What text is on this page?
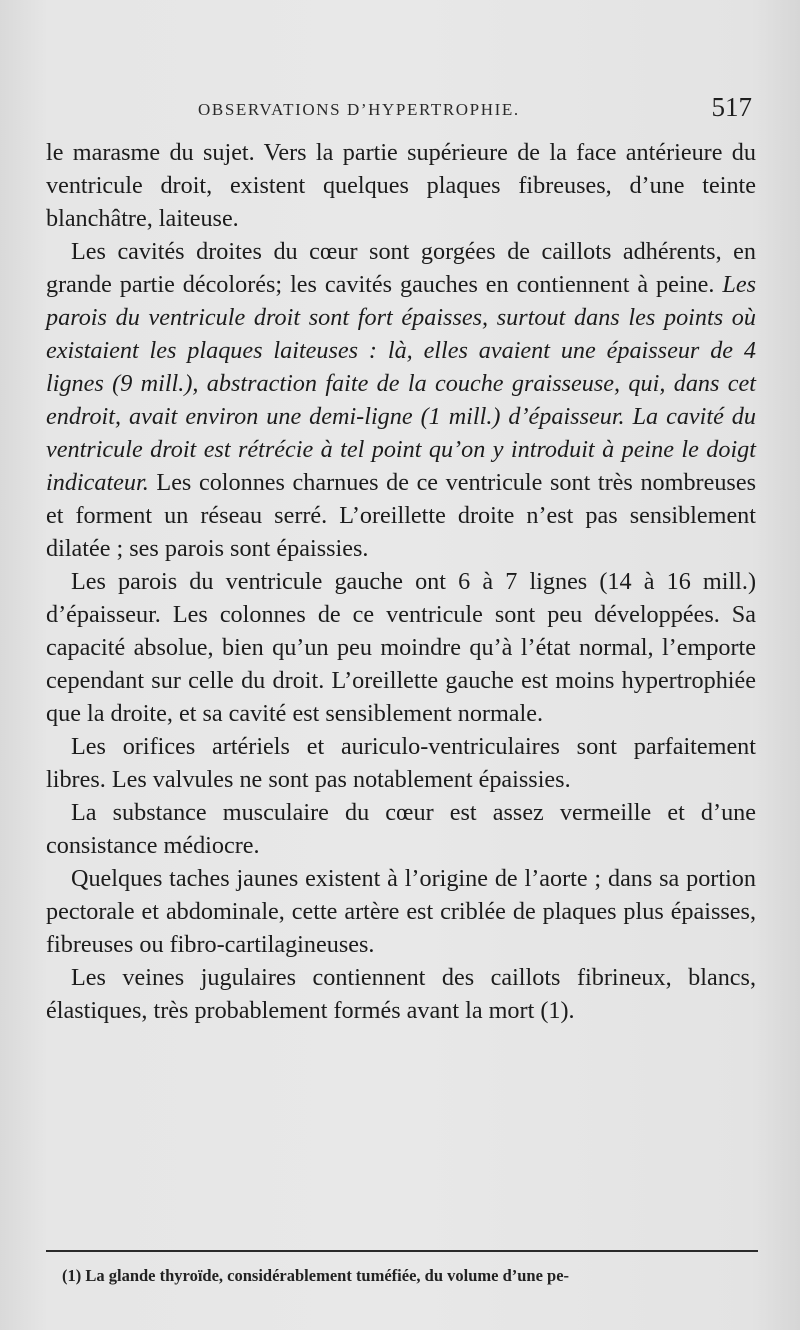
OBSERVATIONS D’HYPERTROPHIE.	517

le marasme du sujet. Vers la partie supérieure de la face antérieure du ventricule droit, existent quelques plaques fibreuses, d’une teinte blanchâtre, laiteuse.

Les cavités droites du cœur sont gorgées de caillots adhérents, en grande partie décolorés; les cavités gauches en contiennent à peine. Les parois du ventricule droit sont fort épaisses, surtout dans les points où existaient les plaques laiteuses : là, elles avaient une épaisseur de 4 lignes (9 mill.), abstraction faite de la couche graisseuse, qui, dans cet endroit, avait environ une demi-ligne (1 mill.) d’épaisseur. La cavité du ventricule droit est rétrécie à tel point qu’on y introduit à peine le doigt indicateur. Les colonnes charnues de ce ventricule sont très nombreuses et forment un réseau serré. L’oreillette droite n’est pas sensiblement dilatée ; ses parois sont épaissies.

Les parois du ventricule gauche ont 6 à 7 lignes (14 à 16 mill.) d’épaisseur. Les colonnes de ce ventricule sont peu développées. Sa capacité absolue, bien qu’un peu moindre qu’à l’état normal, l’emporte cependant sur celle du droit. L’oreillette gauche est moins hypertrophiée que la droite, et sa cavité est sensiblement normale.

Les orifices artériels et auriculo-ventriculaires sont parfaitement libres. Les valvules ne sont pas notablement épaissies.

La substance musculaire du cœur est assez vermeille et d’une consistance médiocre.

Quelques taches jaunes existent à l’origine de l’aorte ; dans sa portion pectorale et abdominale, cette artère est criblée de plaques plus épaisses, fibreuses ou fibro-cartilagineuses.

Les veines jugulaires contiennent des caillots fibrineux, blancs, élastiques, très probablement formés avant la mort (1).

(1) La glande thyroïde, considérablement tuméfiée, du volume d’une pe-
